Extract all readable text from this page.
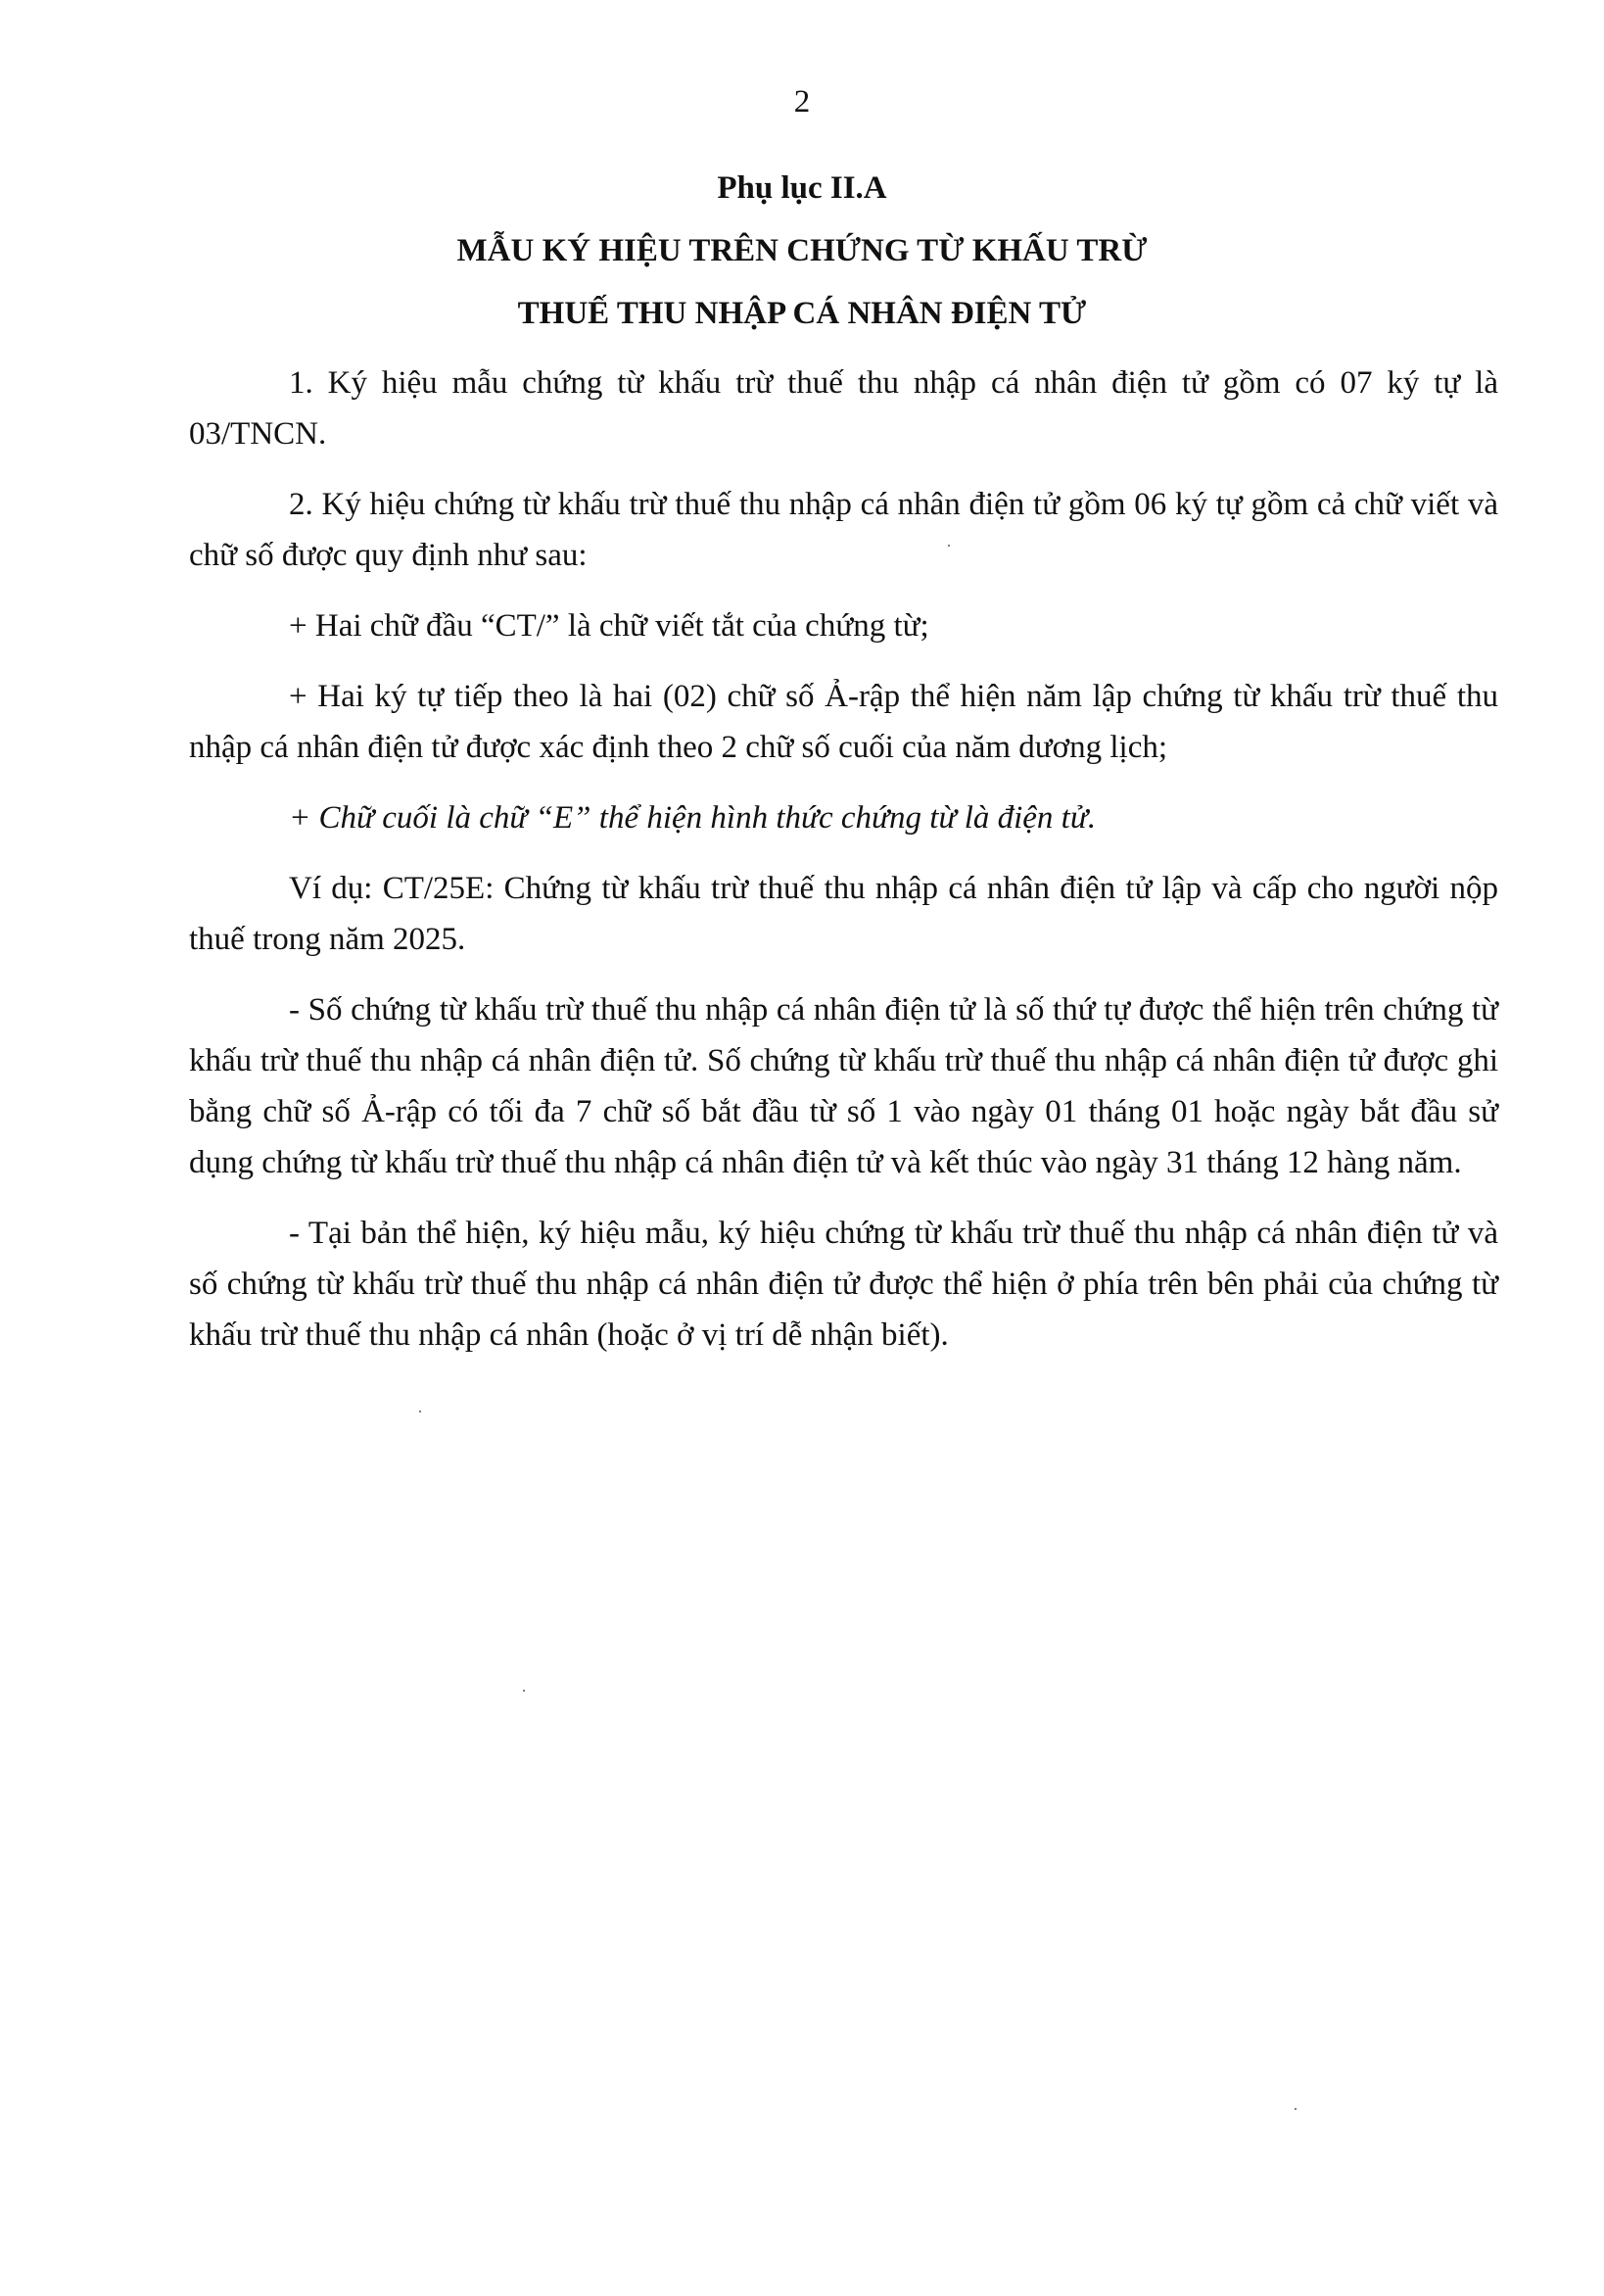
2
Phụ lục II.A
MẪU KÝ HIỆU TRÊN CHỨNG TỪ KHẤU TRỪ
THUẾ THU NHẬP CÁ NHÂN ĐIỆN TỬ

1. Ký hiệu mẫu chứng từ khấu trừ thuế thu nhập cá nhân điện tử gồm có 07 ký tự là 03/TNCN.

2. Ký hiệu chứng từ khấu trừ thuế thu nhập cá nhân điện tử gồm 06 ký tự gồm cả chữ viết và chữ số được quy định như sau:

+ Hai chữ đầu “CT/” là chữ viết tắt của chứng từ;

+ Hai ký tự tiếp theo là hai (02) chữ số Ả-rập thể hiện năm lập chứng từ khấu trừ thuế thu nhập cá nhân điện tử được xác định theo 2 chữ số cuối của năm dương lịch;

+ Chữ cuối là chữ “E” thể hiện hình thức chứng từ là điện tử.

Ví dụ: CT/25E: Chứng từ khấu trừ thuế thu nhập cá nhân điện tử lập và cấp cho người nộp thuế trong năm 2025.

- Số chứng từ khấu trừ thuế thu nhập cá nhân điện tử là số thứ tự được thể hiện trên chứng từ khấu trừ thuế thu nhập cá nhân điện tử. Số chứng từ khấu trừ thuế thu nhập cá nhân điện tử được ghi bằng chữ số Ả-rập có tối đa 7 chữ số bắt đầu từ số 1 vào ngày 01 tháng 01 hoặc ngày bắt đầu sử dụng chứng từ khấu trừ thuế thu nhập cá nhân điện tử và kết thúc vào ngày 31 tháng 12 hàng năm.

- Tại bản thể hiện, ký hiệu mẫu, ký hiệu chứng từ khấu trừ thuế thu nhập cá nhân điện tử và số chứng từ khấu trừ thuế thu nhập cá nhân điện tử được thể hiện ở phía trên bên phải của chứng từ khấu trừ thuế thu nhập cá nhân (hoặc ở vị trí dễ nhận biết).
